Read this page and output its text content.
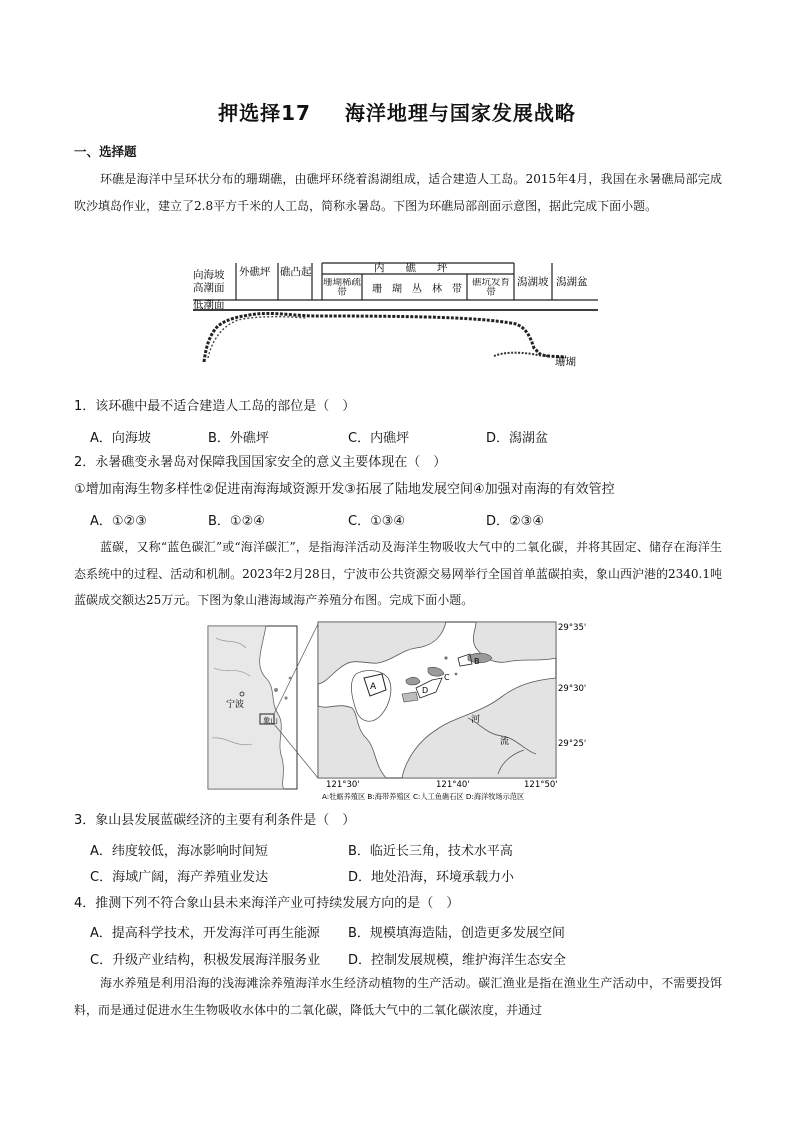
押选择17 海洋地理与国家发展战略
一、选择题

环礁是海洋中呈环状分布的珊瑚礁，由礁坪环绕着潟湖组成，适合建造人工岛。2015年4月，我国在永暑礁局部完成吹沙填岛作业，建立了2.8平方千米的人工岛，简称永暑岛。下图为环礁局部剖面示意图，据此完成下面小题。

向海坡
高潮面
低潮面
外礁坪 礁凸起	内　　礁　　坪
珊瑚稀疏带	珊　瑚　丛　林　带
礁坑发育带
潟湖坡 潟湖盆
珊瑚
1．该环礁中最不适合建造人工岛的部位是（　）
A．向海坡	B．外礁坪	C．内礁坪	D．潟湖盆
2．永暑礁变永暑岛对保障我国国家安全的意义主要体现在（　）
①增加南海生物多样性②促进南海海域资源开发③拓展了陆地发展空间④加强对南海的有效管控
A．①②③	B．①②④	C．①③④	D．②③④

蓝碳，又称“蓝色碳汇”或“海洋碳汇”，是指海洋活动及海洋生物吸收大气中的二氧化碳，并将其固定、储存在海洋生态系统中的过程、活动和机制。2023年2月28日，宁波市公共资源交易网举行全国首单蓝碳拍卖，象山西沪港的2340.1吨蓝碳成交额达25万元。下图为象山港海域海产养殖分布图。完成下面小题。

宁波
象山
A
B
C
D
河
流
29°35'
29°30'
29°25'
121°30'	121°40'	121°50'
A:牡蛎养殖区 B:海带养殖区 C:人工鱼礁石区 D:海洋牧场示范区
3．象山县发展蓝碳经济的主要有利条件是（　）
A．纬度较低，海冰影响时间短	B．临近长三角，技术水平高
C．海域广阔，海产养殖业发达	D．地处沿海，环境承载力小
4．推测下列不符合象山县未来海洋产业可持续发展方向的是（　）
A．提高科学技术，开发海洋可再生能源 B．规模填海造陆，创造更多发展空间
C．升级产业结构，积极发展海洋服务业 D．控制发展规模，维护海洋生态安全

海水养殖是利用沿海的浅海滩涂养殖海洋水生经济动植物的生产活动。碳汇渔业是指在渔业生产活动中，不需要投饵料，而是通过促进水生生物吸收水体中的二氧化碳，降低大气中的二氧化碳浓度，并通过
